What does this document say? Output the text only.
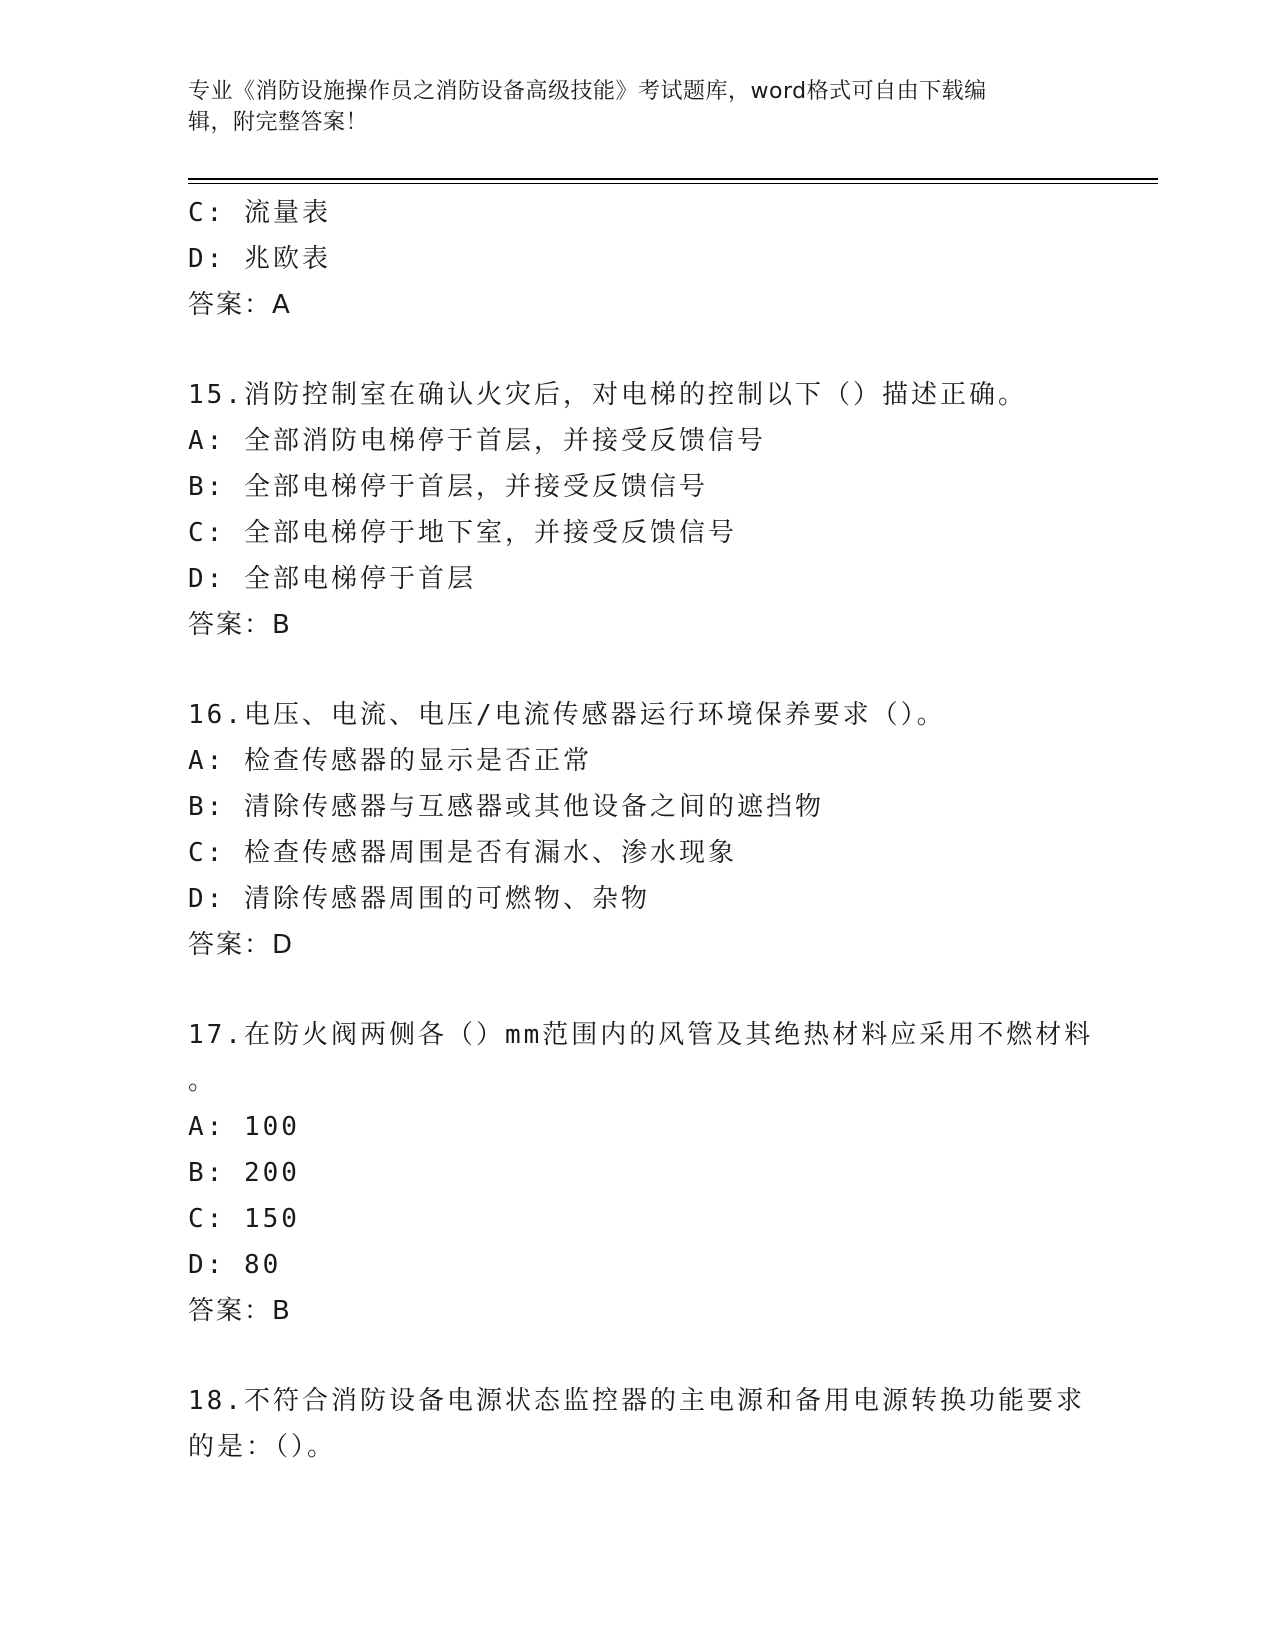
专业《消防设施操作员之消防设备高级技能》考试题库，word格式可自由下载编
辑，附完整答案！
C: 流量表
D: 兆欧表
答案：A
15.消防控制室在确认火灾后，对电梯的控制以下（）描述正确。
A: 全部消防电梯停于首层，并接受反馈信号
B: 全部电梯停于首层，并接受反馈信号
C: 全部电梯停于地下室，并接受反馈信号
D: 全部电梯停于首层
答案：B
16.电压、电流、电压/电流传感器运行环境保养要求（）。
A: 检查传感器的显示是否正常
B: 清除传感器与互感器或其他设备之间的遮挡物
C: 检查传感器周围是否有漏水、渗水现象
D: 清除传感器周围的可燃物、杂物
答案：D
17.在防火阀两侧各（）mm范围内的风管及其绝热材料应采用不燃材料
。
A: 100
B: 200
C: 150
D: 80
答案：B
18.不符合消防设备电源状态监控器的主电源和备用电源转换功能要求
的是：（）。
